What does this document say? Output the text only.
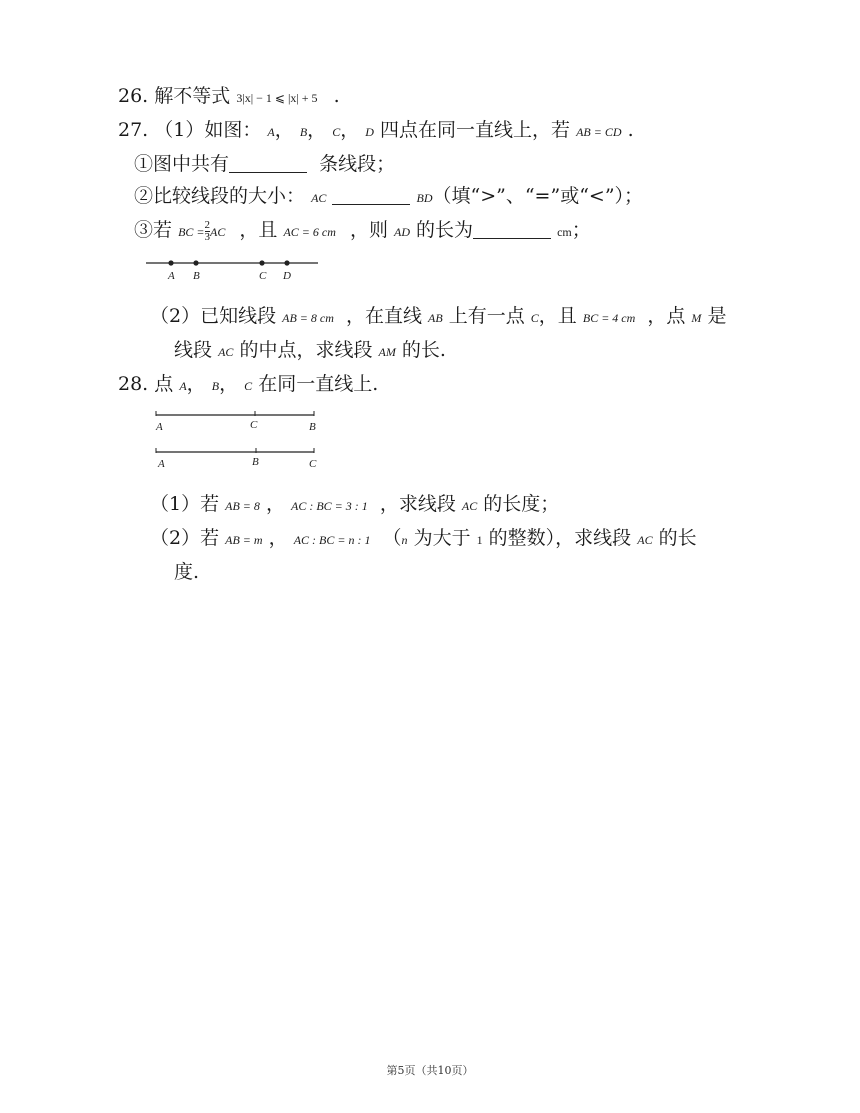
26. 解不等式 3|x| − 1 ⩽ |x| + 5 .
27. （1）如图： A， B， C， D 四点在同一直线上，若 AB = CD .
①图中共有	条线段；
②比较线段的大小： AC	BD（填“>”、“=”或“<”）；
③若 BC = $\frac{2}{3}$ AC ，且 AC = 6 cm ，则 AD 的长为	cm；
A B	C D
（2）已知线段 AB = 8 cm ，在直线 AB 上有一点 C，且 BC = 4 cm ，点 M 是
线段 AC 的中点，求线段 AM 的长.
28. 点 A， B， C 在同一直线上.
A	C	B
A	B	C
（1）若 AB = 8 ， AC : BC = 3 : 1 ，求线段 AC 的长度；
（2）若 AB = m ， AC : BC = n : 1 （n 为大于 1 的整数），求线段 AC 的长
度.
第5页（共10页）
